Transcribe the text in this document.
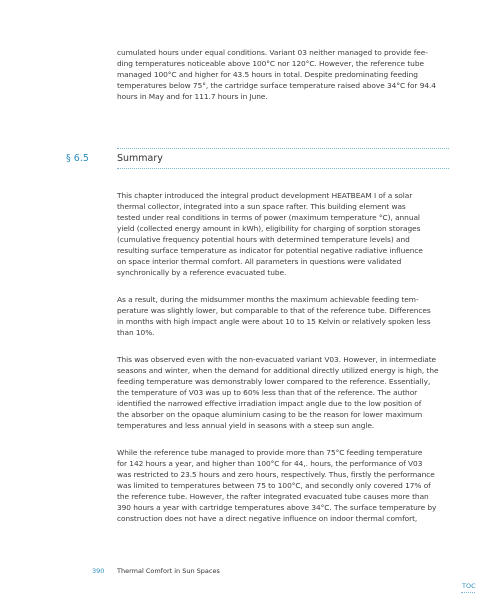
cumulated hours under equal conditions. Variant 03 neither managed to provide fee-
ding temperatures noticeable above 100°C nor 120°C. However, the reference tube
managed 100°C and higher for 43.5 hours in total. Despite predominating feeding
temperatures below 75°, the cartridge surface temperature raised above 34°C for 94.4
hours in May and for 111.7 hours in June.
§ 6.5	Summary
This chapter introduced the integral product development HEATBEAM I of a solar
thermal collector, integrated into a sun space rafter. This building element was
tested under real conditions in terms of power (maximum temperature °C), annual
yield (collected energy amount in kWh), eligibility for charging of sorption storages
(cumulative frequency potential hours with determined temperature levels) and
resulting surface temperature as indicator for potential negative radiative influence
on space interior thermal comfort. All parameters in questions were validated
synchronically by a reference evacuated tube.
As a result, during the midsummer months the maximum achievable feeding tem-
perature was slightly lower, but comparable to that of the reference tube. Differences
in months with high impact angle were about 10 to 15 Kelvin or relatively spoken less
than 10%.
This was observed even with the non-evacuated variant V03. However, in intermediate
seasons and winter, when the demand for additional directly utilized energy is high, the
feeding temperature was demonstrably lower compared to the reference. Essentially,
the temperature of V03 was up to 60% less than that of the reference. The author
identified the narrowed effective irradiation impact angle due to the low position of
the absorber on the opaque aluminium casing to be the reason for lower maximum
temperatures and less annual yield in seasons with a steep sun angle.
While the reference tube managed to provide more than 75°C feeding temperature
for 142 hours a year, and higher than 100°C for 44,. hours, the performance of V03
was restricted to 23.5 hours and zero hours, respectively. Thus, firstly the performance
was limited to temperatures between 75 to 100°C, and secondly only covered 17% of
the reference tube. However, the rafter integrated evacuated tube causes more than
390 hours a year with cartridge temperatures above 34°C. The surface temperature by
construction does not have a direct negative influence on indoor thermal comfort,
390 Thermal Comfort in Sun Spaces
TOC
